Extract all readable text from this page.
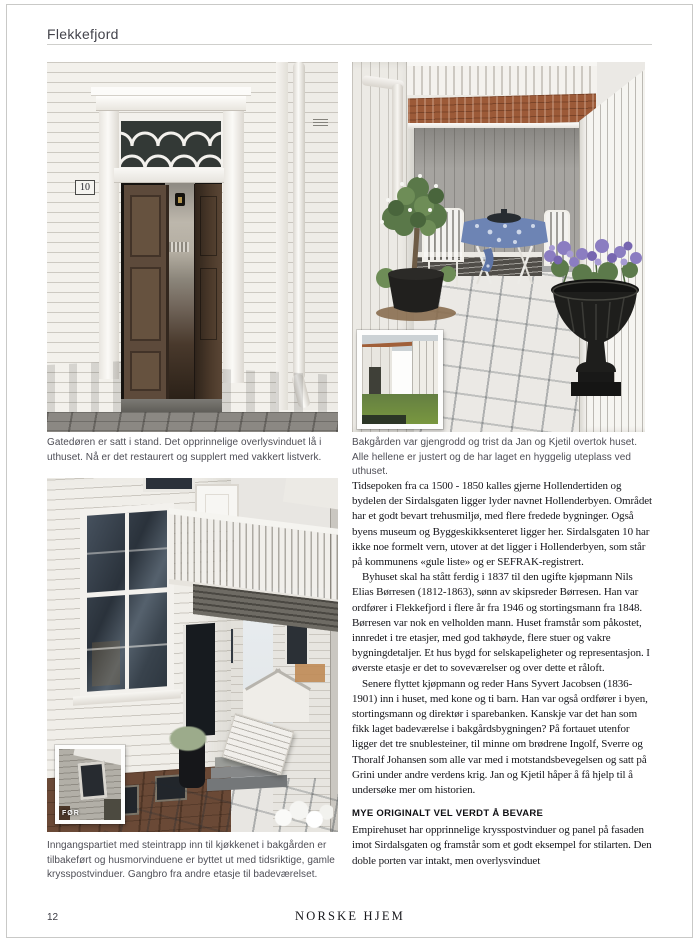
Flekkefjord
10
Gatedøren er satt i stand. Det opprinnelige overlysvinduet lå i uthuset. Nå er det restaurert og supplert med vakkert listverk.
Bakgården var gjengrodd og trist da Jan og Kjetil overtok huset. Alle hellene er justert og de har laget en hyggelig uteplass ved uthuset.
FØR
Inngangspartiet med steintrapp inn til kjøkkenet i bakgården er tilbakeført og husmorvinduene er byttet ut med tidsriktige, gamle krysspostvinduer. Gangbro fra andre etasje til badeværelset.

Tidsepoken fra ca 1500 - 1850 kalles gjerne Hollendertiden og bydelen der Sirdalsgaten ligger lyder navnet Hollenderbyen. Området har et godt bevart trehusmiljø, med flere fredede bygninger. Også byens museum og Byggeskikksenteret ligger her. Sirdalsgaten 10 har ikke noe formelt vern, utover at det ligger i Hollenderbyen, som står på kommunens «gule liste» og er SEFRAK-registrert.

Byhuset skal ha stått ferdig i 1837 til den ugifte kjøpmann Nils Elias Børresen (1812-1863), sønn av skipsreder Børresen. Han var ordfører i Flekkefjord i flere år fra 1946 og stortingsmann fra 1848. Børresen var nok en velholden mann. Huset framstår som påkostet, innredet i tre etasjer, med god takhøyde, flere stuer og vakre bygningdetaljer. Et hus bygd for selskapeligheter og representasjon. I øverste etasje er det to soveværelser og over dette et råloft.

Senere flyttet kjøpmann og reder Hans Syvert Jacobsen (1836-1901) inn i huset, med kone og ti barn. Han var også ordfører i byen, stortingsmann og direktør i sparebanken. Kanskje var det han som fikk laget badeværelse i bakgårdsbygningen? På fortauet utenfor ligger det tre snublesteiner, til minne om brødrene Ingolf, Sverre og Thoralf Johansen som alle var med i motstandsbevegelsen og satt på Grini under andre verdens krig. Jan og Kjetil håper å få hjelp til å undersøke mer om historien.

MYE ORIGINALT VEL VERDT Å BEVARE

Empirehuset har opprinnelige krysspostvinduer og panel på fasaden imot Sirdalsgaten og framstår som et godt eksempel for stilarten. Den doble porten var intakt, men overlysvinduet

12	NORSKE HJEM
